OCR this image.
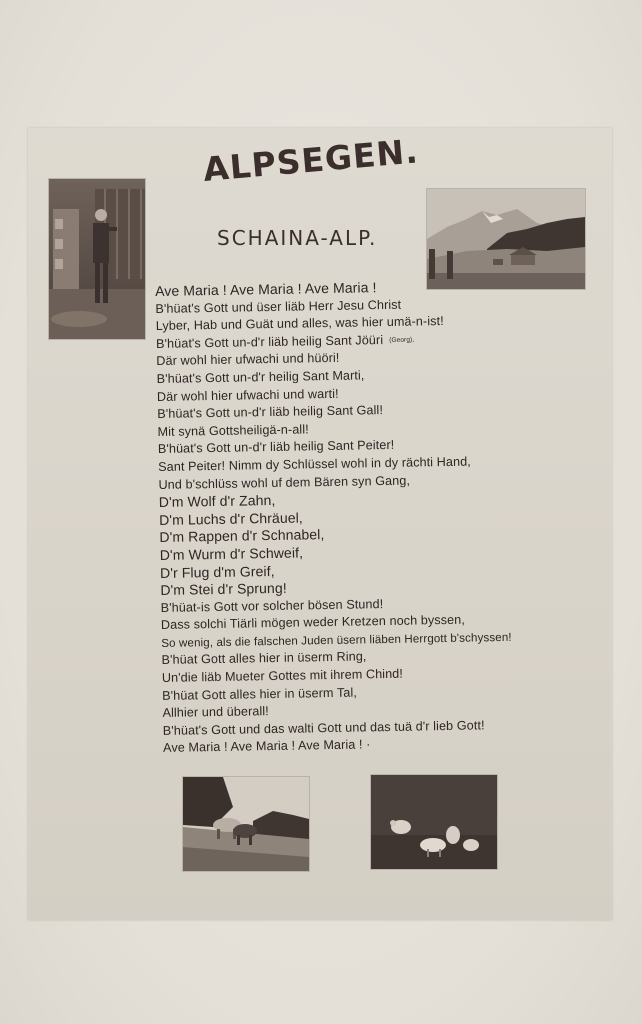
ALPSEGEN.
SCHAINA-ALP.
Ave Maria ! Ave Maria ! Ave Maria !
B'hüat's Gott und üser liäb Herr Jesu Christ
Lyber, Hab und Guät und alles, was hier umä-n-ist!
B'hüat's Gott un-d'r liäb heilig Sant Jöüri (Georg),
Där wohl hier ufwachi und hüöri!
B'hüat's Gott un-d'r heilig Sant Marti,
Där wohl hier ufwachi und warti!
B'hüat's Gott un-d'r liäb heilig Sant Gall!
Mit synä Gottsheiligä-n-all!
B'hüat's Gott un-d'r liäb heilig Sant Peiter!
Sant Peiter! Nimm dy Schlüssel wohl in dy rächti Hand,
Und b'schlüss wohl uf dem Bären syn Gang,
D'm Wolf d'r Zahn,
D'm Luchs d'r Chräuel,
D'm Rappen d'r Schnabel,
D'm Wurm d'r Schweif,
D'r Flug d'm Greif,
D'm Stei d'r Sprung!
B'hüat-is Gott vor solcher bösen Stund!
Dass solchi Tiärli mögen weder Kretzen noch byssen,
So wenig, als die falschen Juden üsern liäben Herrgott b'schyssen!
B'hüat Gott alles hier in üserm Ring,
Un'die liäb Mueter Gottes mit ihrem Chind!
B'hüat Gott alles hier in üserm Tal,
Allhier und überall!
B'hüat's Gott und das walti Gott und das tuä d'r lieb Gott!
Ave Maria ! Ave Maria ! Ave Maria ! ·
